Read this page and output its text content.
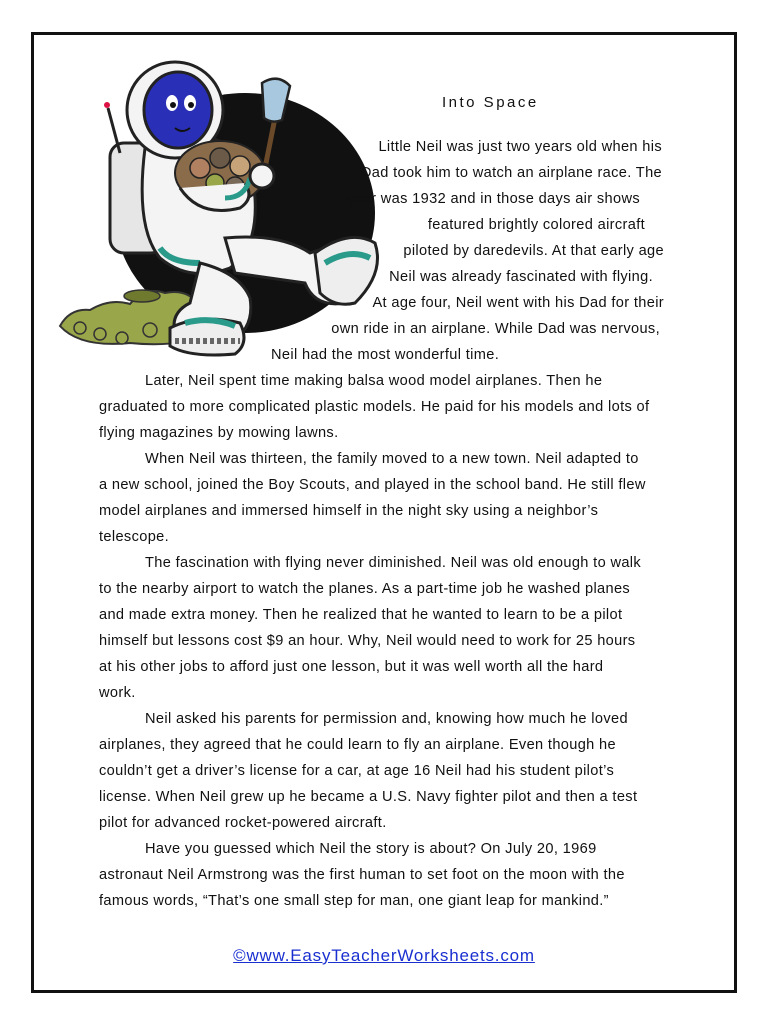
Into Space
Little Neil was just two years old when his
Dad took him to watch an airplane race. The
year was 1932 and in those days air shows
featured brightly colored aircraft
piloted by daredevils. At that early age
Neil was already fascinated with flying.
At age four, Neil went with his Dad for their
own ride in an airplane. While Dad was nervous,
Neil had the most wonderful time.
Later, Neil spent time making balsa wood model airplanes. Then he
graduated to more complicated plastic models. He paid for his models and lots of
flying magazines by mowing lawns.
When Neil was thirteen, the family moved to a new town. Neil adapted to
a new school, joined the Boy Scouts, and played in the school band. He still flew
model airplanes and immersed himself in the night sky using a neighbor’s
telescope.
The fascination with flying never diminished. Neil was old enough to walk
to the nearby airport to watch the planes. As a part-time job he washed planes
and made extra money. Then he realized that he wanted to learn to be a pilot
himself but lessons cost $9 an hour. Why, Neil would need to work for 25 hours
at his other jobs to afford just one lesson, but it was well worth all the hard
work.
Neil asked his parents for permission and, knowing how much he loved
airplanes, they agreed that he could learn to fly an airplane. Even though he
couldn’t get a driver’s license for a car, at age 16 Neil had his student pilot’s
license. When Neil grew up he became a U.S. Navy fighter pilot and then a test
pilot for advanced rocket-powered aircraft.
Have you guessed which Neil the story is about? On July 20, 1969
astronaut Neil Armstrong was the first human to set foot on the moon with the
famous words, “That’s one small step for man, one giant leap for mankind.”
©www.EasyTeacherWorksheets.com
